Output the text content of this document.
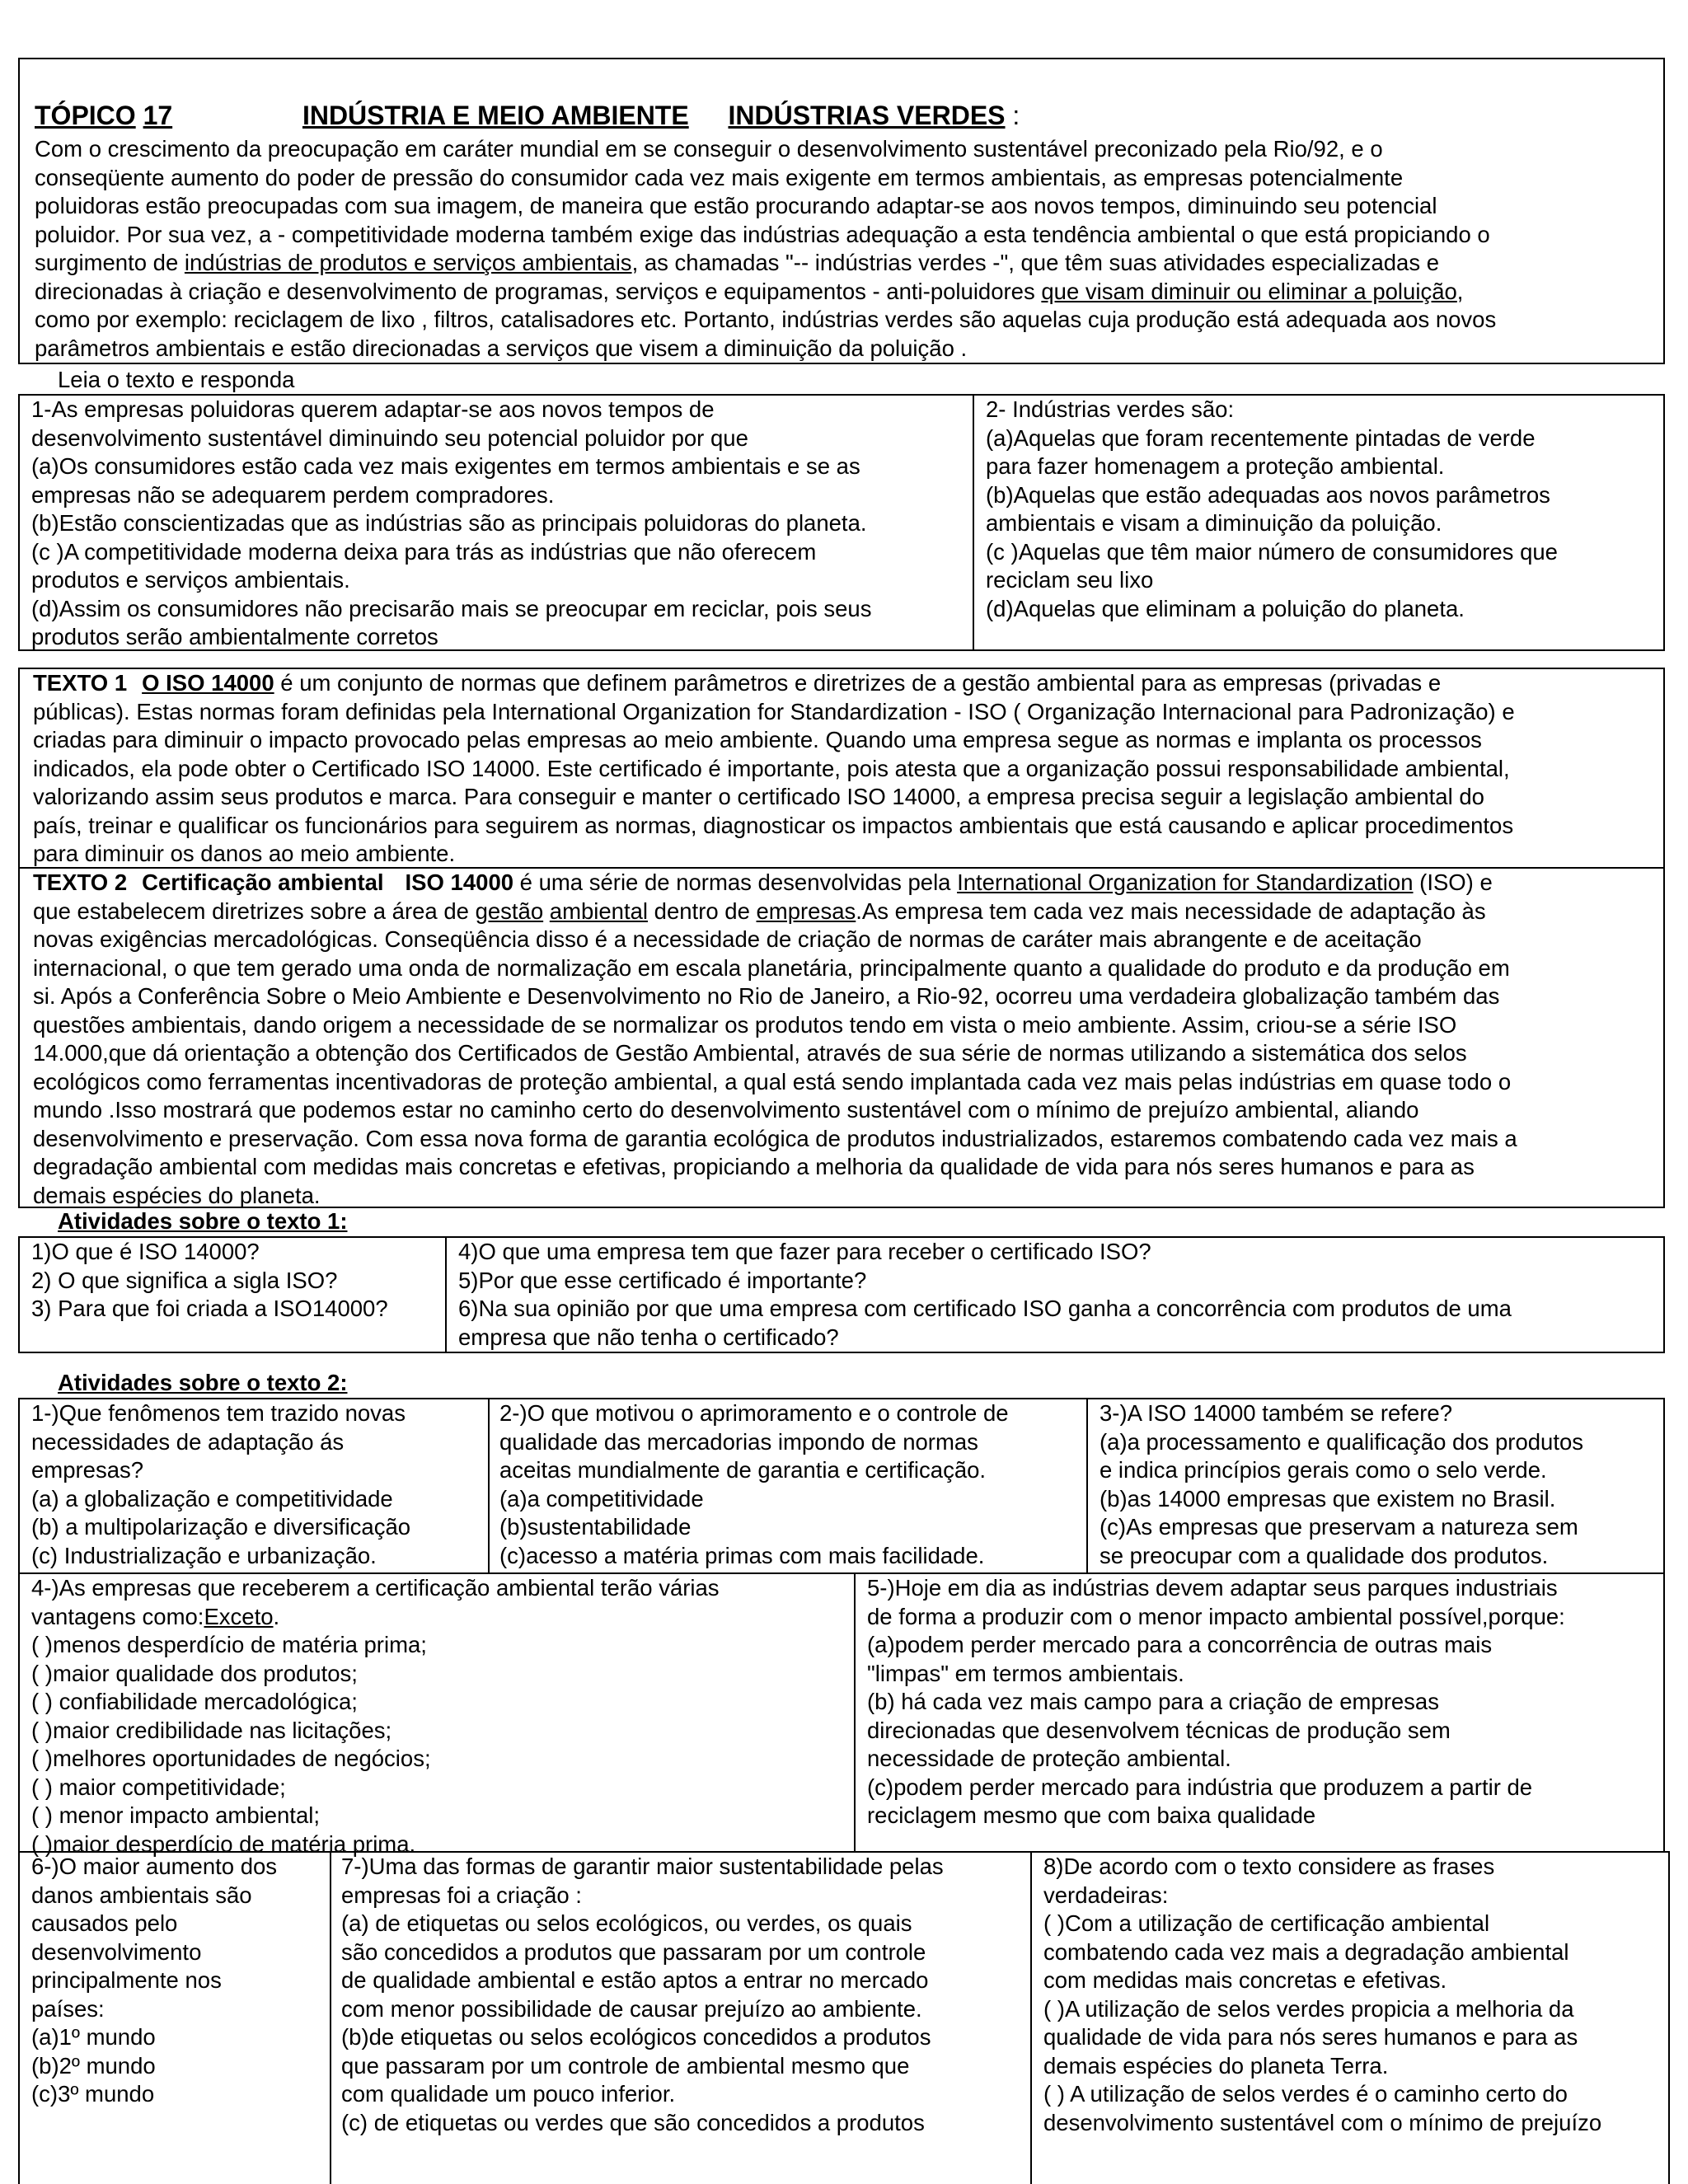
TÓPICO 17	INDÚSTRIA E MEIO AMBIENTE INDÚSTRIAS VERDES :
Com o crescimento da preocupação em caráter mundial em se conseguir o desenvolvimento sustentável preconizado pela Rio/92, e o
conseqüente aumento do poder de pressão do consumidor cada vez mais exigente em termos ambientais, as empresas potencialmente
poluidoras estão preocupadas com sua imagem, de maneira que estão procurando adaptar-se aos novos tempos, diminuindo seu potencial
poluidor. Por sua vez, a - competitividade moderna também exige das indústrias adequação a esta tendência ambiental o que está propiciando o
surgimento de indústrias de produtos e serviços ambientais, as chamadas "-- indústrias verdes -", que têm suas atividades especializadas e
direcionadas à criação e desenvolvimento de programas, serviços e equipamentos - anti-poluidores que visam diminuir ou eliminar a poluição,
como por exemplo: reciclagem de lixo , filtros, catalisadores etc. Portanto, indústrias verdes são aquelas cuja produção está adequada aos novos
parâmetros ambientais e estão direcionadas a serviços que visem a diminuição da poluição .
Leia o texto e responda
1-As empresas poluidoras querem adaptar-se aos novos tempos de
desenvolvimento sustentável diminuindo seu potencial poluidor por que
(a)Os consumidores estão cada vez mais exigentes em termos ambientais e se as
empresas não se adequarem perdem compradores.
(b)Estão conscientizadas que as indústrias são as principais poluidoras do planeta.
(c )A competitividade moderna deixa para trás as indústrias que não oferecem
produtos e serviços ambientais.
(d)Assim os consumidores não precisarão mais se preocupar em reciclar, pois seus
produtos serão ambientalmente corretos
2- Indústrias verdes são:
(a)Aquelas que foram recentemente pintadas de verde
para fazer homenagem a proteção ambiental.
(b)Aquelas que estão adequadas aos novos parâmetros
ambientais e visam a diminuição da poluição.
(c )Aquelas que têm maior número de consumidores que
reciclam seu lixo
(d)Aquelas que eliminam a poluição do planeta.
TEXTO 1 O ISO 14000 é um conjunto de normas que definem parâmetros e diretrizes de a gestão ambiental para as empresas (privadas e
públicas). Estas normas foram definidas pela International Organization for Standardization - ISO ( Organização Internacional para Padronização) e
criadas para diminuir o impacto provocado pelas empresas ao meio ambiente. Quando uma empresa segue as normas e implanta os processos
indicados, ela pode obter o Certificado ISO 14000. Este certificado é importante, pois atesta que a organização possui responsabilidade ambiental,
valorizando assim seus produtos e marca. Para conseguir e manter o certificado ISO 14000, a empresa precisa seguir a legislação ambiental do
país, treinar e qualificar os funcionários para seguirem as normas, diagnosticar os impactos ambientais que está causando e aplicar procedimentos
para diminuir os danos ao meio ambiente.
TEXTO 2 Certificação ambiental ISO 14000 é uma série de normas desenvolvidas pela International Organization for Standardization (ISO) e
que estabelecem diretrizes sobre a área de gestão ambiental dentro de empresas.As empresa tem cada vez mais necessidade de adaptação às
novas exigências mercadológicas. Conseqüência disso é a necessidade de criação de normas de caráter mais abrangente e de aceitação
internacional, o que tem gerado uma onda de normalização em escala planetária, principalmente quanto a qualidade do produto e da produção em
si. Após a Conferência Sobre o Meio Ambiente e Desenvolvimento no Rio de Janeiro, a Rio-92, ocorreu uma verdadeira globalização também das
questões ambientais, dando origem a necessidade de se normalizar os produtos tendo em vista o meio ambiente. Assim, criou-se a série ISO
14.000,que dá orientação a obtenção dos Certificados de Gestão Ambiental, através de sua série de normas utilizando a sistemática dos selos
ecológicos como ferramentas incentivadoras de proteção ambiental, a qual está sendo implantada cada vez mais pelas indústrias em quase todo o
mundo .Isso mostrará que podemos estar no caminho certo do desenvolvimento sustentável com o mínimo de prejuízo ambiental, aliando
desenvolvimento e preservação. Com essa nova forma de garantia ecológica de produtos industrializados, estaremos combatendo cada vez mais a
degradação ambiental com medidas mais concretas e efetivas, propiciando a melhoria da qualidade de vida para nós seres humanos e para as
demais espécies do planeta.
Atividades sobre o texto 1:
1)O que é ISO 14000?
2) O que significa a sigla ISO?
3) Para que foi criada a ISO14000?
4)O que uma empresa tem que fazer para receber o certificado ISO?
5)Por que esse certificado é importante?
6)Na sua opinião por que uma empresa com certificado ISO ganha a concorrência com produtos de uma
empresa que não tenha o certificado?
Atividades sobre o texto 2:
1-)Que fenômenos tem trazido novas
necessidades de adaptação ás
empresas?
(a) a globalização e competitividade
(b) a multipolarização e diversificação
(c) Industrialização e urbanização.
2-)O que motivou o aprimoramento e o controle de
qualidade das mercadorias impondo de normas
aceitas mundialmente de garantia e certificação.
(a)a competitividade
(b)sustentabilidade
(c)acesso a matéria primas com mais facilidade.
3-)A ISO 14000 também se refere?
(a)a processamento e qualificação dos produtos
e indica princípios gerais como o selo verde.
(b)as 14000 empresas que existem no Brasil.
(c)As empresas que preservam a natureza sem
se preocupar com a qualidade dos produtos.
4-)As empresas que receberem a certificação ambiental terão várias
vantagens como:Exceto.
( )menos desperdício de matéria prima;
( )maior qualidade dos produtos;
( ) confiabilidade mercadológica;
( )maior credibilidade nas licitações;
( )melhores oportunidades de negócios;
( ) maior competitividade;
( ) menor impacto ambiental;
( )maior desperdício de matéria prima.
5-)Hoje em dia as indústrias devem adaptar seus parques industriais
de forma a produzir com o menor impacto ambiental possível,porque:
(a)podem perder mercado para a concorrência de outras mais
"limpas" em termos ambientais.
(b) há cada vez mais campo para a criação de empresas
direcionadas que desenvolvem técnicas de produção sem
necessidade de proteção ambiental.
(c)podem perder mercado para indústria que produzem a partir de
reciclagem mesmo que com baixa qualidade
6-)O maior aumento dos
danos ambientais são
causados pelo
desenvolvimento
principalmente nos
países:
(a)1º mundo
(b)2º mundo
(c)3º mundo
7-)Uma das formas de garantir maior sustentabilidade pelas
empresas foi a criação :
(a) de etiquetas ou selos ecológicos, ou verdes, os quais
são concedidos a produtos que passaram por um controle
de qualidade ambiental e estão aptos a entrar no mercado
com menor possibilidade de causar prejuízo ao ambiente.
(b)de etiquetas ou selos ecológicos concedidos a produtos
que passaram por um controle de ambiental mesmo que
com qualidade um pouco inferior.
(c) de etiquetas ou verdes que são concedidos a produtos
8)De acordo com o texto considere as frases
verdadeiras:
( )Com a utilização de certificação ambiental
combatendo cada vez mais a degradação ambiental
com medidas mais concretas e efetivas.
( )A utilização de selos verdes propicia a melhoria da
qualidade de vida para nós seres humanos e para as
demais espécies do planeta Terra.
( ) A utilização de selos verdes é o caminho certo do
desenvolvimento sustentável com o mínimo de prejuízo
